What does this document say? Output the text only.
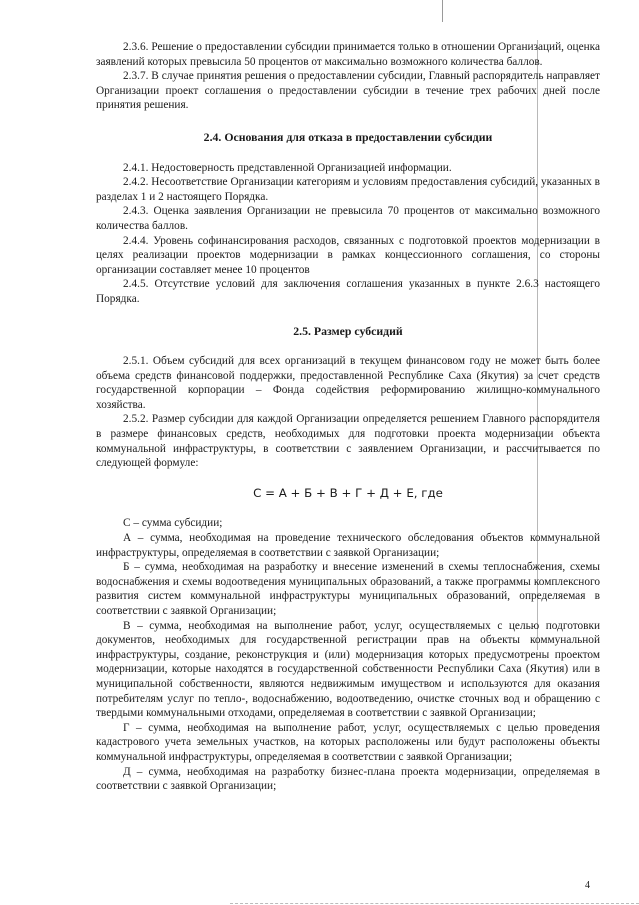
2.3.6. Решение о предоставлении субсидии принимается только в отношении Организаций, оценка заявлений которых превысила 50 процентов от максимально возможного количества баллов.

2.3.7. В случае принятия решения о предоставлении субсидии, Главный распорядитель направляет Организации проект соглашения о предоставлении субсидии в течение трех рабочих дней после принятия решения.

2.4. Основания для отказа в предоставлении субсидии

2.4.1. Недостоверность представленной Организацией информации.

2.4.2. Несоответствие Организации категориям и условиям предоставления субсидий, указанных в разделах 1 и 2 настоящего Порядка.

2.4.3. Оценка заявления Организации не превысила 70 процентов от максимально возможного количества баллов.

2.4.4. Уровень софинансирования расходов, связанных с подготовкой проектов модернизации в целях реализации проектов модернизации в рамках концессионного соглашения, со стороны организации составляет менее 10 процентов

2.4.5. Отсутствие условий для заключения соглашения указанных в пункте 2.6.3 настоящего Порядка.

2.5. Размер субсидий

2.5.1. Объем субсидий для всех организаций в текущем финансовом году не может быть более объема средств финансовой поддержки, предоставленной Республике Саха (Якутия) за счет средств государственной корпорации – Фонда содействия реформированию жилищно-коммунального хозяйства.

2.5.2. Размер субсидии для каждой Организации определяется решением Главного распорядителя в размере финансовых средств, необходимых для подготовки проекта модернизации объекта коммунальной инфраструктуры, в соответствии с заявлением Организации, и рассчитывается по следующей формуле:

С = А + Б + В + Г + Д + Е, где

С – сумма субсидии;

А – сумма, необходимая на проведение технического обследования объектов коммунальной инфраструктуры, определяемая в соответствии с заявкой Организации;

Б – сумма, необходимая на разработку и внесение изменений в схемы теплоснабжения, схемы водоснабжения и схемы водоотведения муниципальных образований, а также программы комплексного развития систем коммунальной инфраструктуры муниципальных образований, определяемая в соответствии с заявкой Организации;

В – сумма, необходимая на выполнение работ, услуг, осуществляемых с целью подготовки документов, необходимых для государственной регистрации прав на объекты коммунальной инфраструктуры, создание, реконструкция и (или) модернизация которых предусмотрены проектом модернизации, которые находятся в государственной собственности Республики Саха (Якутия) или в муниципальной собственности, являются недвижимым имуществом и используются для оказания потребителям услуг по тепло-, водоснабжению, водоотведению, очистке сточных вод и обращению с твердыми коммунальными отходами, определяемая в соответствии с заявкой Организации;

Г – сумма, необходимая на выполнение работ, услуг, осуществляемых с целью проведения кадастрового учета земельных участков, на которых расположены или будут расположены объекты коммунальной инфраструктуры, определяемая в соответствии с заявкой Организации;

Д – сумма, необходимая на разработку бизнес-плана проекта модернизации, определяемая в соответствии с заявкой Организации;

4
